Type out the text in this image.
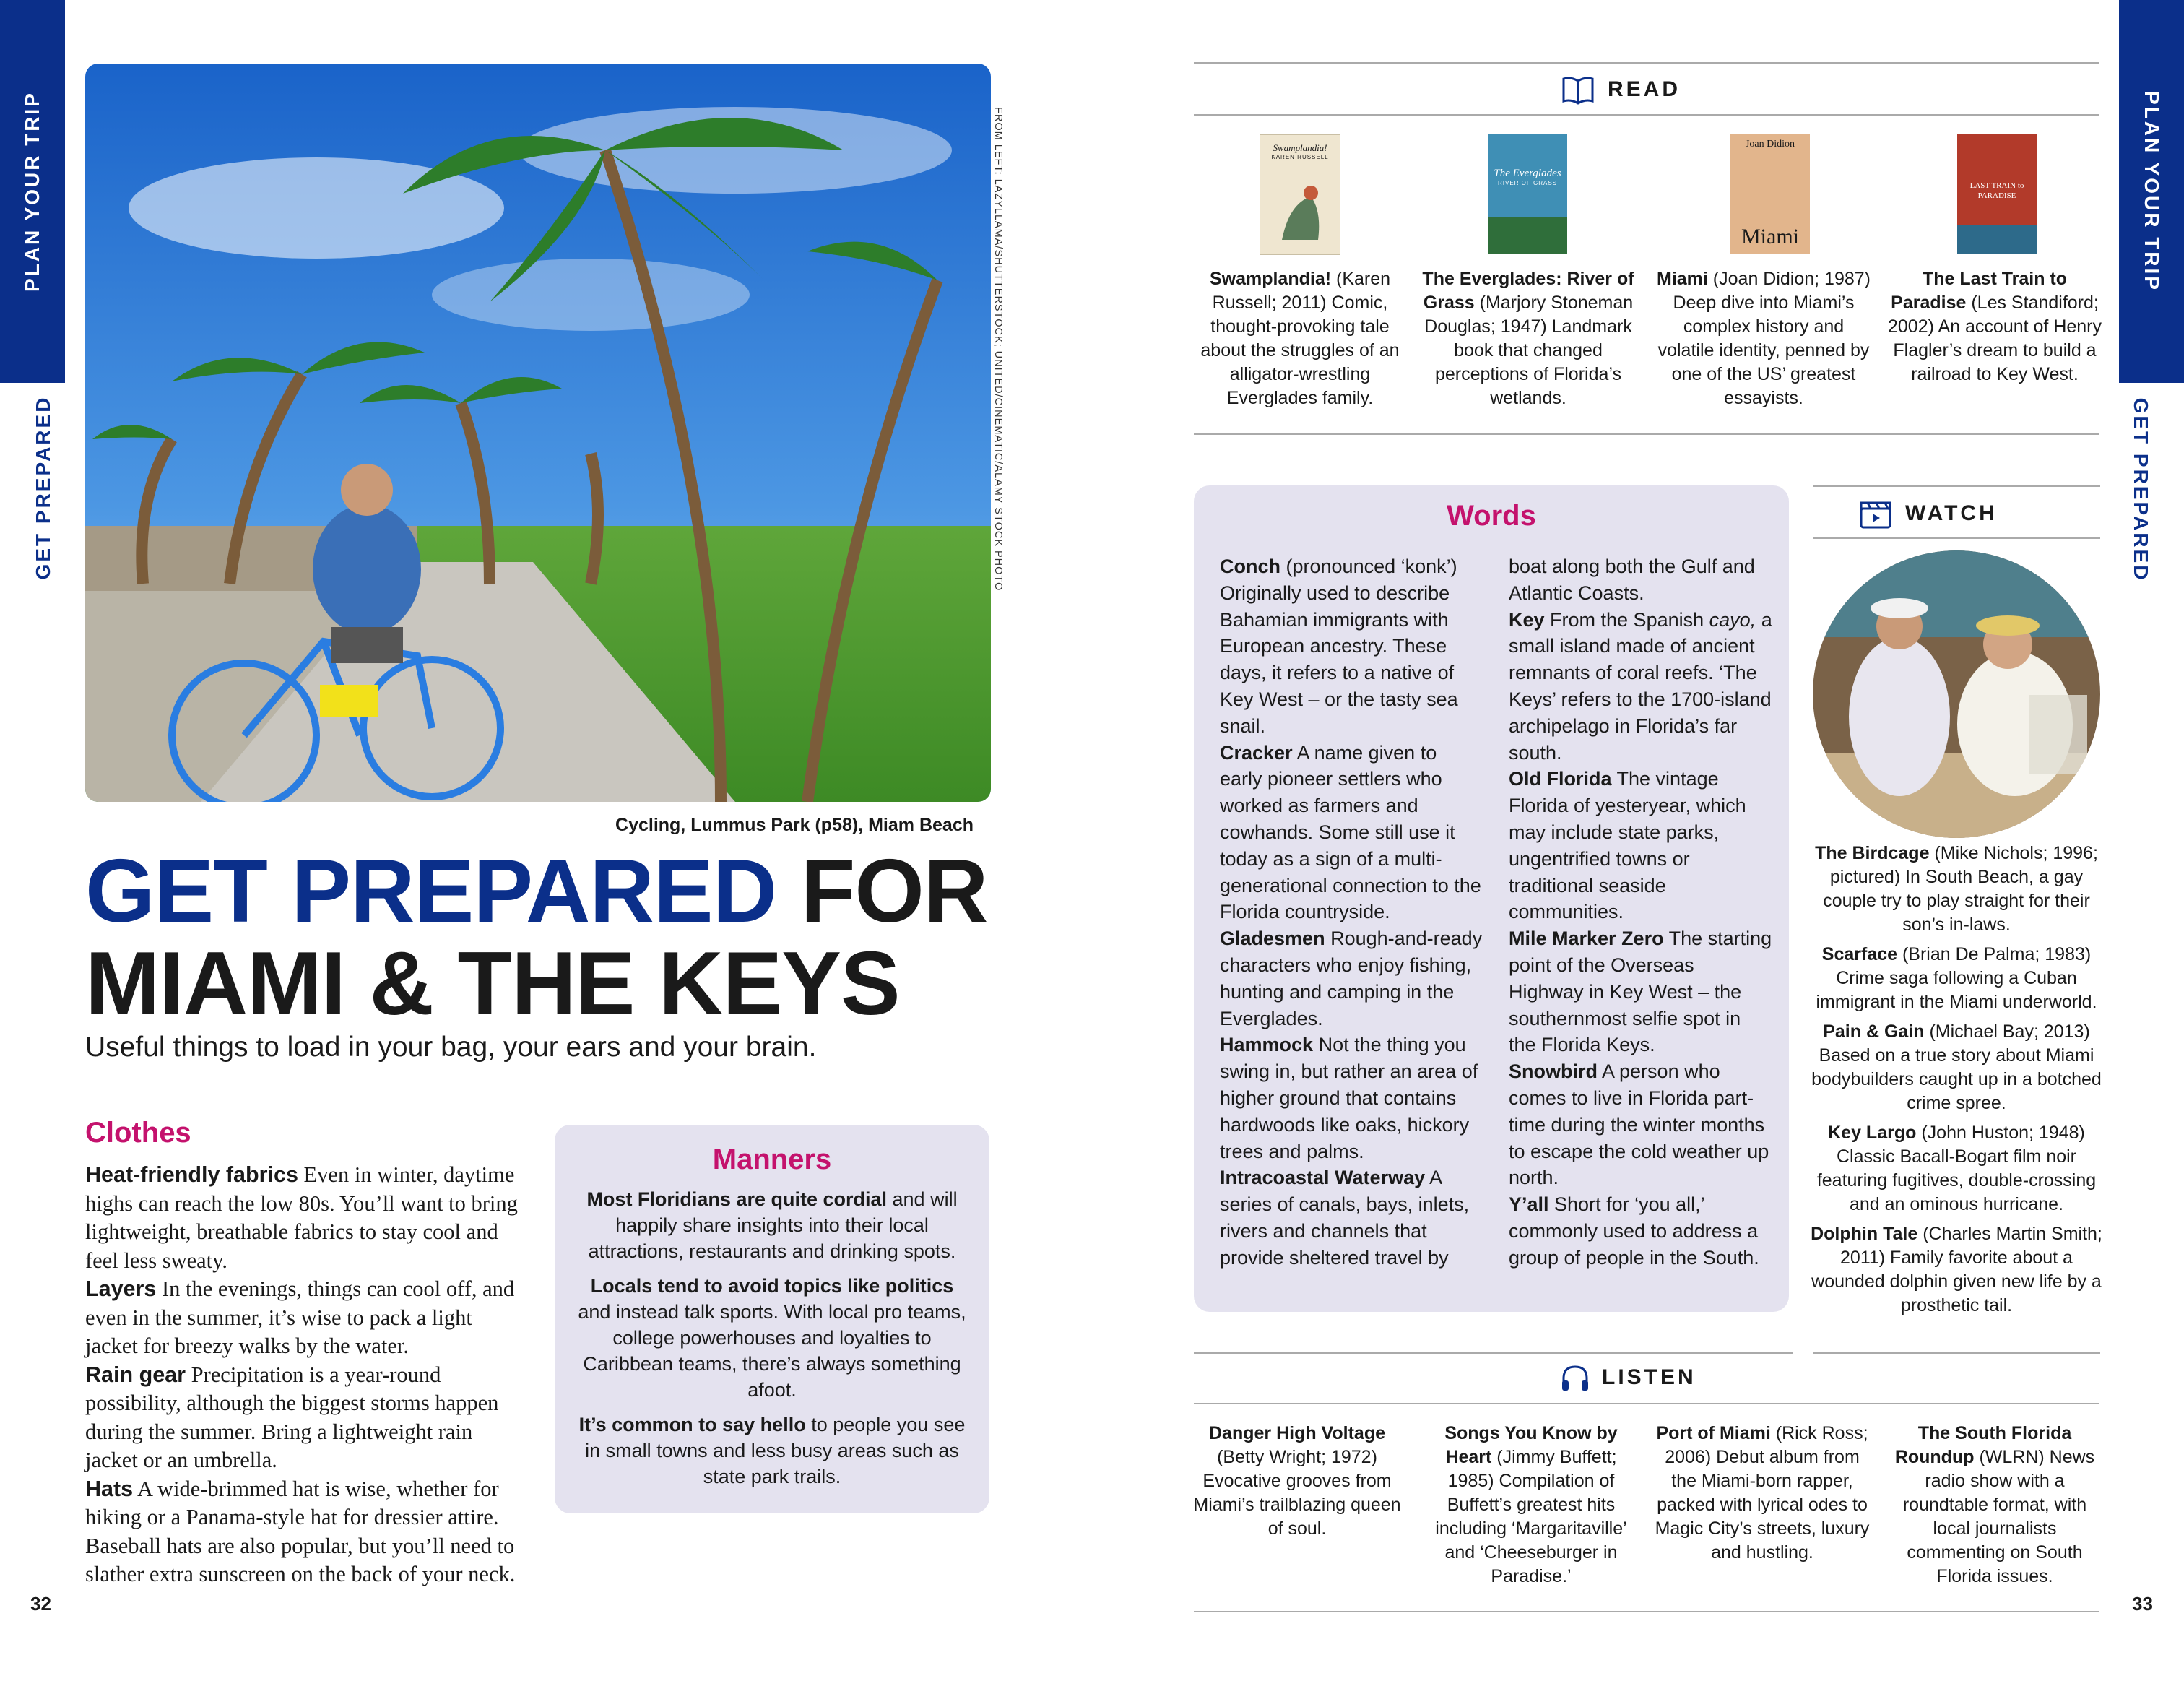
PLAN YOUR TRIP
GET PREPARED
32
PLAN YOUR TRIP
GET PREPARED
33
FROM LEFT: LAZYLLAMA/SHUTTERSTOCK; UNITED/CINEMATIC/ALAMY STOCK PHOTO
Cycling, Lummus Park (p58), Miam Beach
GET PREPARED FOR
MIAMI & THE KEYS
Useful things to load in your bag, your ears and your brain.
Clothes
Heat-friendly fabrics Even in winter, daytime highs can reach the low 80s. You’ll want to bring lightweight, breathable fabrics to stay cool and feel less sweaty.
Layers In the evenings, things can cool off, and even in the summer, it’s wise to pack a light jacket for breezy walks by the water.
Rain gear Precipitation is a year-round possibility, although the biggest storms happen during the summer. Bring a lightweight rain jacket or an umbrella.
Hats A wide-brimmed hat is wise, whether for hiking or a Panama-style hat for dressier attire. Baseball hats are also popular, but you’ll need to slather extra sunscreen on the back of your neck.
Manners

Most Floridians are quite cordial and will happily share insights into their local attractions, restaurants and drinking spots.

Locals tend to avoid topics like politics and instead talk sports. With local pro teams, college powerhouses and loyalties to Caribbean teams, there’s always something afoot.

It’s common to say hello to people you see in small towns and less busy areas such as state park trails.

READ
Swamplandia!
KAREN RUSSELL
The Everglades
RIVER OF GRASS
Joan Didion
Miami
LAST TRAIN to PARADISE
Swamplandia! (Karen Russell; 2011) Comic, thought-provoking tale about the struggles of an alligator-wrestling Everglades family.
The Everglades: River of Grass (Marjory Stoneman Douglas; 1947) Landmark book that changed perceptions of Florida’s wetlands.
Miami (Joan Didion; 1987) Deep dive into Miami’s complex history and volatile identity, penned by one of the US’ greatest essayists.
The Last Train to Paradise (Les Standiford; 2002) An account of Henry Flagler’s dream to build a railroad to Key West.
Words
Conch (pronounced ‘konk’) Originally used to describe Bahamian immigrants with European ancestry. These days, it refers to a native of Key West – or the tasty sea snail.
Cracker A name given to early pioneer settlers who worked as farmers and cowhands. Some still use it today as a sign of a multi-generational connection to the Florida countryside.
Gladesmen Rough-and-ready characters who enjoy fishing, hunting and camping in the Everglades.
Hammock Not the thing you swing in, but rather an area of higher ground that contains hardwoods like oaks, hickory trees and palms.
Intracoastal Waterway A series of canals, bays, inlets, rivers and channels that provide sheltered travel by
boat along both the Gulf and Atlantic Coasts.
Key From the Spanish cayo, a small island made of ancient remnants of coral reefs. ‘The Keys’ refers to the 1700-island archipelago in Florida’s far south.
Old Florida The vintage Florida of yesteryear, which may include state parks, ungentrified towns or traditional seaside communities.
Mile Marker Zero The starting point of the Overseas Highway in Key West – the southernmost selfie spot in the Florida Keys.
Snowbird A person who comes to live in Florida part-time during the winter months to escape the cold weather up north.
Y’all Short for ‘you all,’ commonly used to address a group of people in the South.
WATCH

The Birdcage (Mike Nichols; 1996; pictured) In South Beach, a gay couple try to play straight for their son’s in-laws.

Scarface (Brian De Palma; 1983) Crime saga following a Cuban immigrant in the Miami underworld.

Pain & Gain (Michael Bay; 2013) Based on a true story about Miami bodybuilders caught up in a botched crime spree.

Key Largo (John Huston; 1948) Classic Bacall-Bogart film noir featuring fugitives, double-crossing and an ominous hurricane.

Dolphin Tale (Charles Martin Smith; 2011) Family favorite about a wounded dolphin given new life by a prosthetic tail.

LISTEN
Danger High Voltage (Betty Wright; 1972) Evocative grooves from Miami’s trailblazing queen of soul.
Songs You Know by Heart (Jimmy Buffett; 1985) Compilation of Buffett’s greatest hits including ‘Margaritaville’ and ‘Cheeseburger in Paradise.’
Port of Miami (Rick Ross; 2006) Debut album from the Miami-born rapper, packed with lyrical odes to Magic City’s streets, luxury and hustling.
The South Florida Roundup (WLRN) News radio show with a roundtable format, with local journalists commenting on South Florida issues.
